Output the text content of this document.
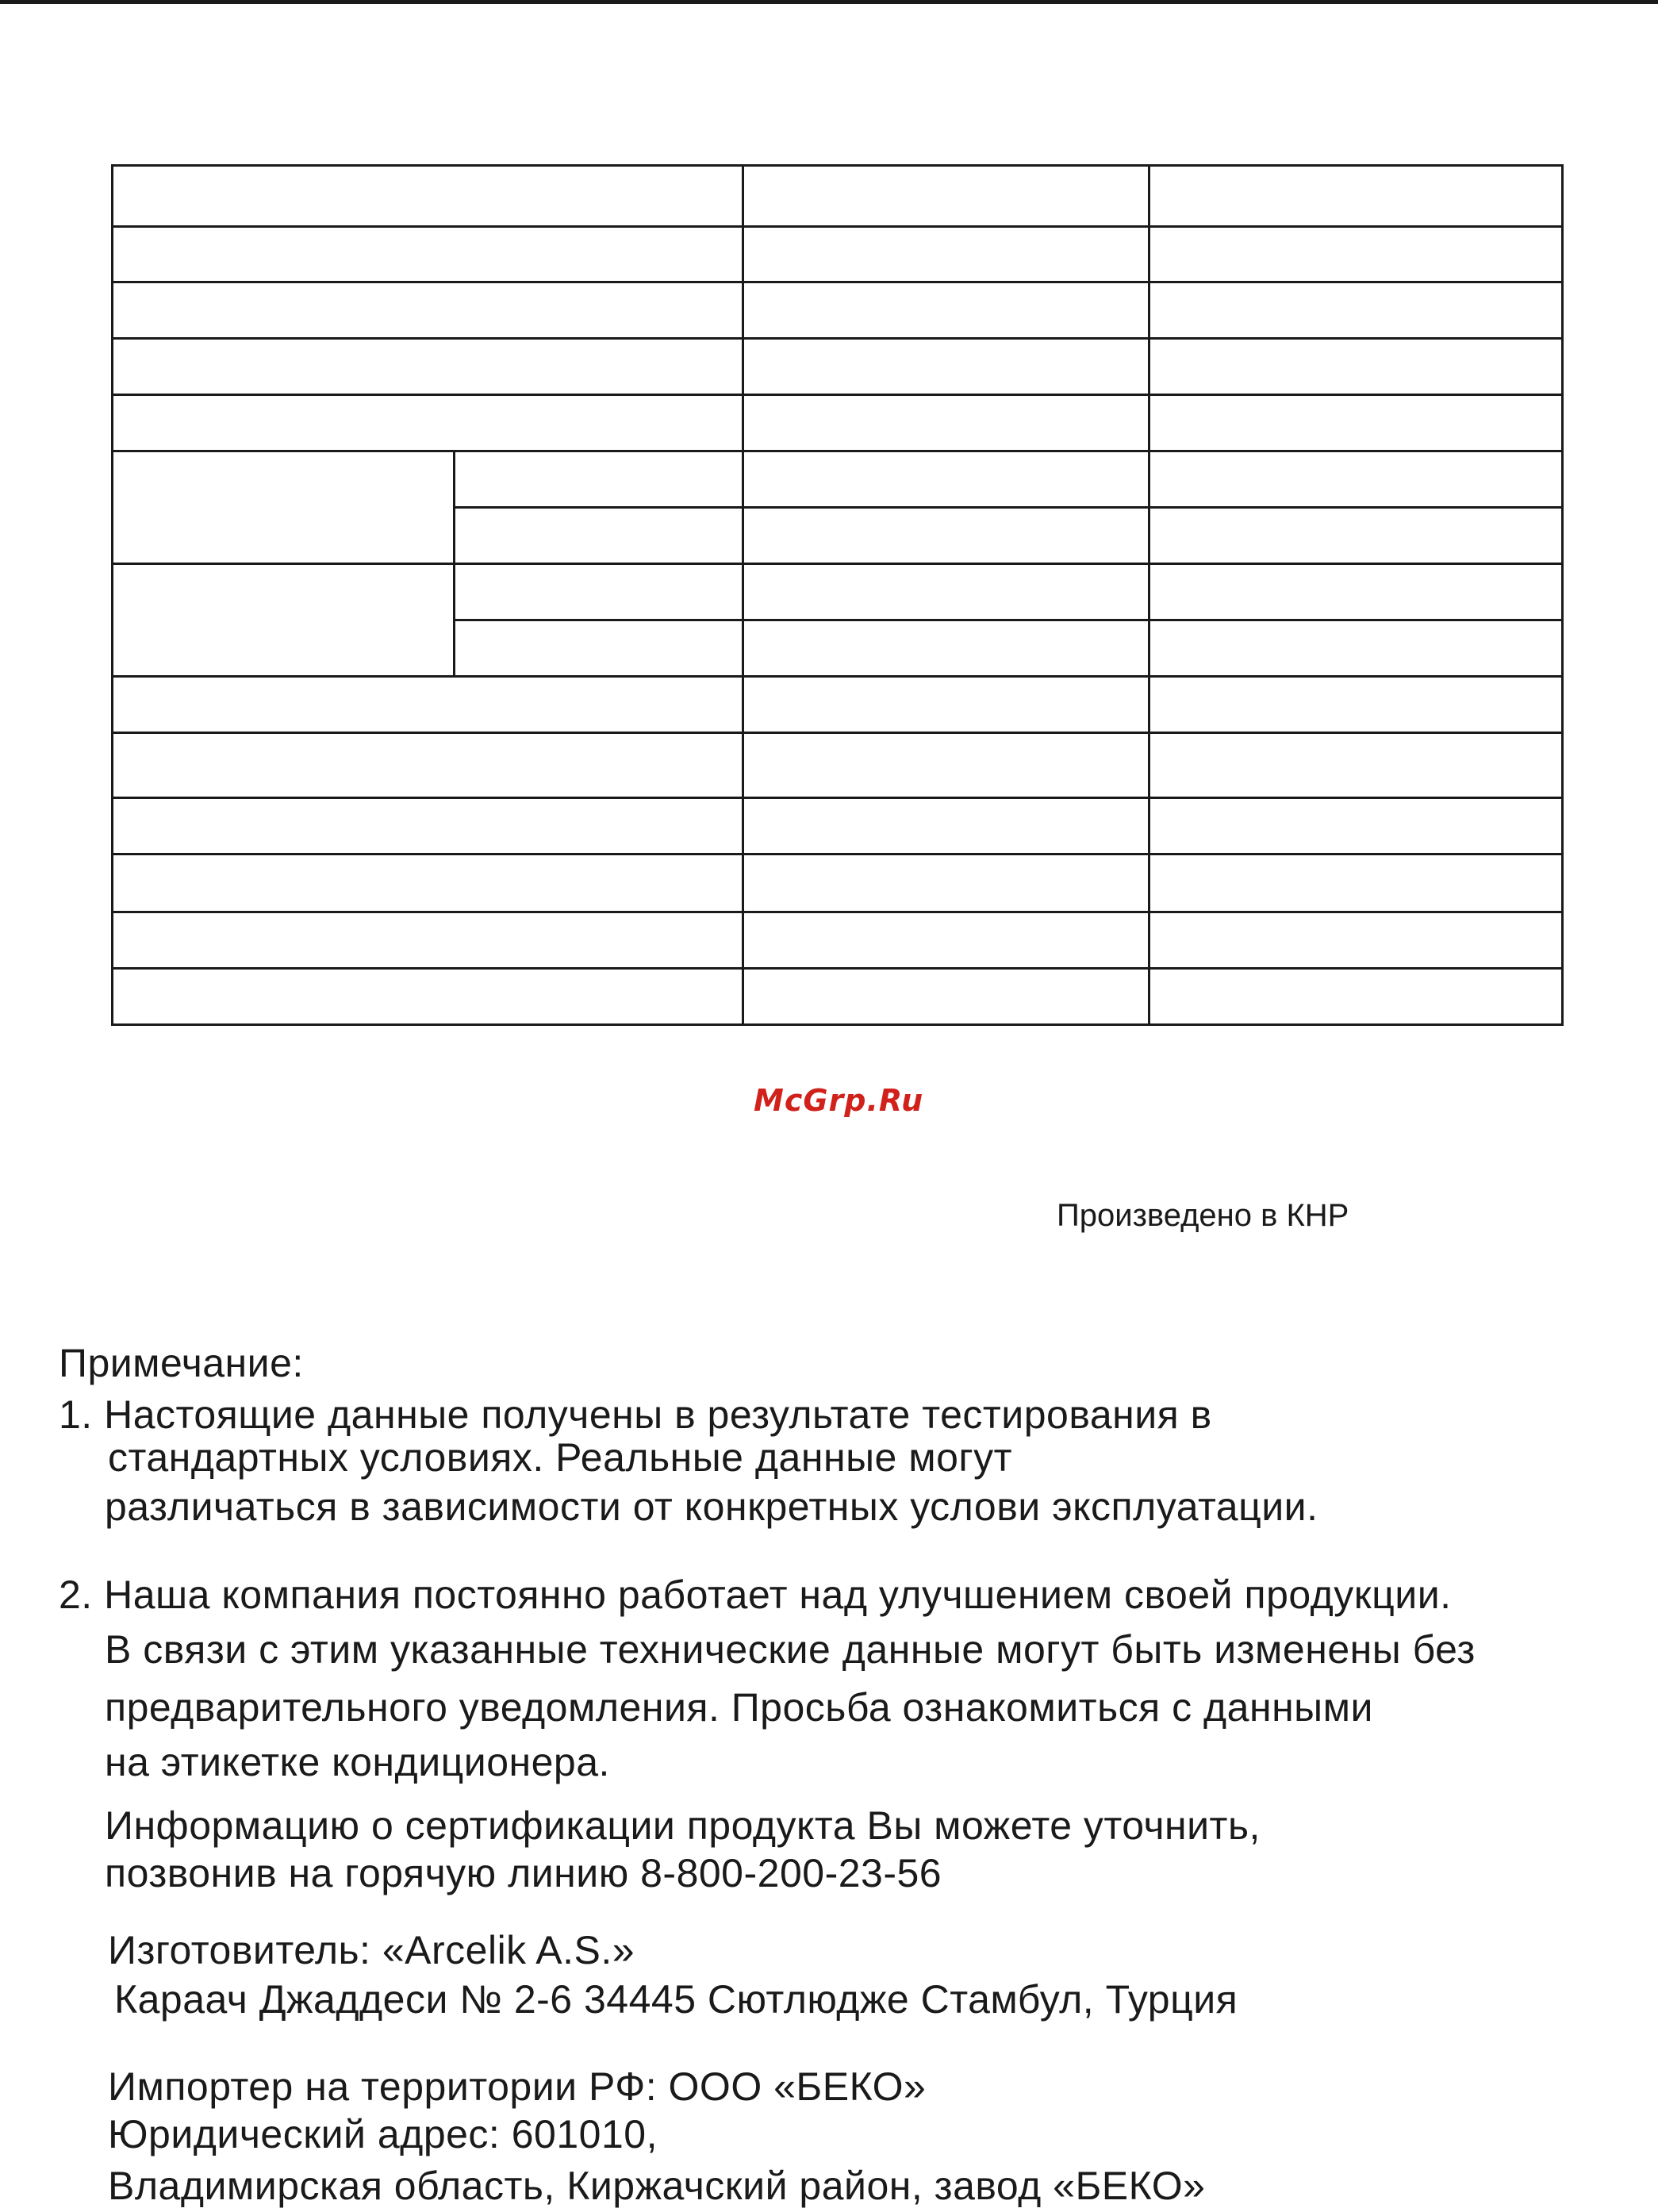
McGrp.Ru
Произведено в КНР
Примечание:
1. Настоящие данные получены в результате тестирования в
стандартных условиях. Реальные данные могут
различаться в зависимости от конкретных услови эксплуатации.
2. Наша компания постоянно работает над улучшением своей продукции.
В связи с этим указанные технические данные могут быть изменены без
предварительного уведомления. Просьба ознакомиться с данными
на этикетке кондиционера.
Информацию о сертификации продукта Вы можете уточнить,
позвонив на горячую линию 8-800-200-23-56
Изготовитель: «Arcelik A.S.»
Караач Джаддеси № 2-6 34445 Сютлюдже Стамбул, Турция
Импортер на территории РФ: ООО «БЕКО»
Юридический адрес: 601010,
Владимирская область, Киржачский район, завод «БЕКО»
